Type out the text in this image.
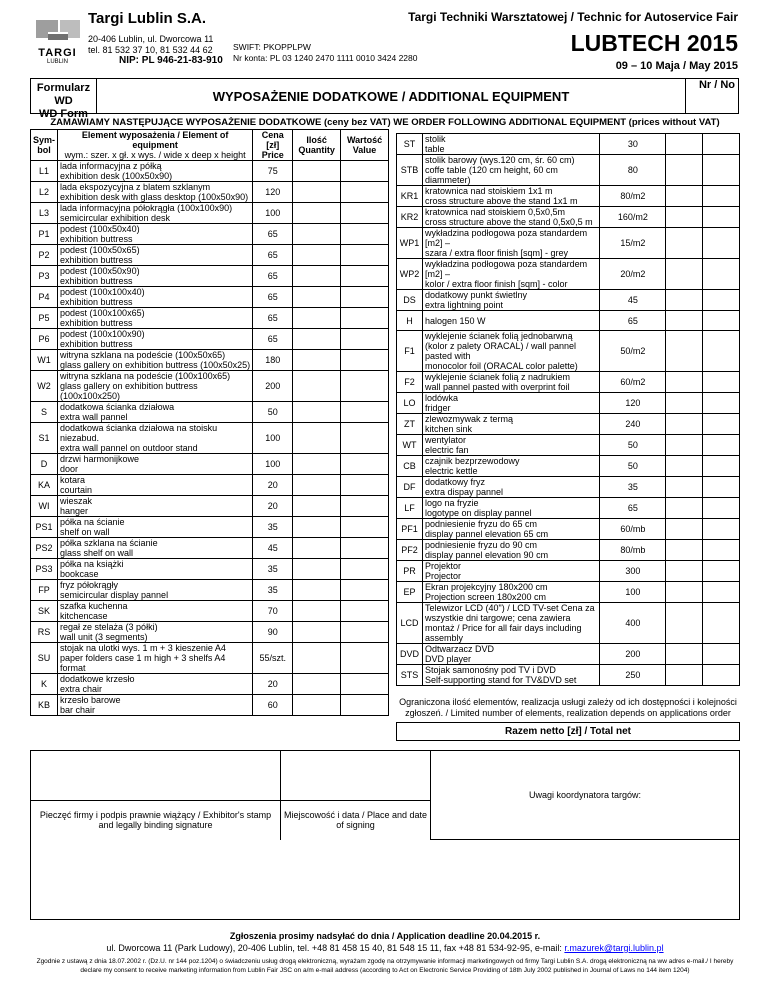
TARGI
LUBLIN
Targi Lublin S.A.
20-406 Lublin, ul. Dworcowa 11
tel. 81 532 37 10, 81 532 44 62
NIP: PL 946-21-83-910
SWIFT: PKOPPLPW
Nr konta: PL 03 1240 2470 1111 0010 3424 2280
Targi Techniki Warsztatowej / Technic for Autoservice Fair
LUBTECH 2015
09 – 10 Maja / May 2015
Formularz WD
WD Form
WYPOSAŻENIE DODATKOWE / ADDITIONAL EQUIPMENT
Nr / No
ZAMAWIAMY NASTĘPUJĄCE WYPOSAŻENIE DODATKOWE (ceny bez VAT) WE ORDER FOLLOWING ADDITIONAL EQUIPMENT (prices without VAT)
Sym-bol	Element wyposażenia / Element of equipment
wym.: szer. x gł. x wys. / wide x deep x height	Cena [zł] Price	Ilość Quantity	Wartość Value
L1	lada informacyjna z półką
exhibition desk (100x50x90)	75		
L2	lada ekspozycyjna z blatem szklanym
exhibition desk with glass desktop (100x50x90)	120		
L3	lada informacyjna półokrągła (100x100x90)
semicircular exhibition desk	100		
P1	podest (100x50x40)
exhibition buttress	65		
P2	podest (100x50x65)
exhibition buttress	65		
P3	podest (100x50x90)
exhibition buttress	65		
P4	podest (100x100x40)
exhibition buttress	65		
P5	podest (100x100x65)
exhibition buttress	65		
P6	podest (100x100x90)
exhibition buttress	65		
W1	witryna szklana na podeście (100x50x65)
glass gallery on exhibition buttress (100x50x25)	180		
W2	witryna szklana na podeście (100x100x65)
glass gallery on exhibition buttress (100x100x250)	200		
S	dodatkowa ścianka działowa
extra wall pannel	50		
S1	dodatkowa ścianka działowa na stoisku niezabud.
extra wall pannel on outdoor stand	100		
D	drzwi harmonijkowe
door	100		
KA	kotara
courtain	20		
WI	wieszak
hanger	20		
PS1	półka na ścianie
shelf on wall	35		
PS2	półka szklana na ścianie
glass shelf on wall	45		
PS3	półka na książki
bookcase	35		
FP	fryz półokrągły
semicircular display pannel	35		
SK	szafka kuchenna
kitchencase	70		
RS	regał ze stelaża (3 półki)
wall unit (3 segments)	90		
SU	stojak na ulotki wys. 1 m + 3 kieszenie A4
paper folders case 1 m high + 3 shelfs A4 format	55/szt.		
K	dodatkowe krzesło
extra chair	20		
KB	krzesło barowe
bar chair	60		
ST	stolik
table	30		
STB	stolik barowy (wys.120 cm, śr. 60 cm)
coffe table (120 cm height, 60 cm diammeter)	80		
KR1	kratownica nad stoiskiem 1x1 m
cross structure above the stand 1x1 m	80/m2		
KR2	kratownica nad stoiskiem 0,5x0,5m
cross structure above the stand 0,5x0,5 m	160/m2		
WP1	wykładzina podłogowa poza standardem [m2] –
szara / extra floor finish [sqm] - grey	15/m2		
WP2	wykładzina podłogowa poza standardem [m2] –
kolor / extra floor finish [sqm] - color	20/m2		
DS	dodatkowy punkt świetlny
extra lightning point	45		
H	halogen 150 W	65		
F1	wyklejenie ścianek folią jednobarwną (kolor z palety ORACAL) / wall pannel pasted with
monocolor foil (ORACAL color palette)	50/m2		
F2	wyklejenie ścianek folią z nadrukiem
wall pannel pasted with overprint foil	60/m2		
LO	lodówka
fridger	120		
ZT	zlewozmywak z termą
kitchen sink	240		
WT	wentylator
electric fan	50		
CB	czajnik bezprzewodowy
electric kettle	50		
DF	dodatkowy fryz
extra dispay pannel	35		
LF	logo na fryzie
logotype on display pannel	65		
PF1	podniesienie fryzu do 65 cm
display pannel elevation 65 cm	60/mb		
PF2	podniesienie fryzu do 90 cm
display pannel elevation 90 cm	80/mb		
PR	Projektor
Projector	300		
EP	Ekran projekcyjny 180x200 cm
Projection screen 180x200 cm	100		
LCD	Telewizor LCD (40") / LCD TV-set Cena za wszystkie dni targowe; cena zawiera
montaż / Price for all fair days including assembly	400		
DVD	Odtwarzacz DVD
DVD player	200		
STS	Stojak samonośny pod TV i DVD
Self-supporting stand for TV&DVD set	250		
Ograniczona ilość elementów, realizacja usługi zależy od ich dostępności i kolejności zgłoszeń. / Limited number of elements, realization depends on applications order
Razem netto [zł] / Total net
		Uwagi koordynatora targów:
Pieczęć firmy i podpis prawnie wiążący / Exhibitor's stamp and legally binding signature	Miejscowość i data / Place and date of signing	
Zgłoszenia prosimy nadsyłać do dnia / Application deadline 20.04.2015 r.
ul. Dworcowa 11 (Park Ludowy), 20-406 Lublin, tel. +48 81 458 15 40, 81 548 15 11, fax +48 81 534-92-95, e-mail: r.mazurek@targi.lublin.pl
Zgodnie z ustawą z dnia 18.07.2002 r. (Dz.U. nr 144 poz.1204) o świadczeniu usług drogą elektroniczną, wyrażam zgodę na otrzymywanie informacji marketingowych od firmy Targi Lublin S.A. drogą elektroniczną na ww adres e-mail./ I hereby declare my consent to receive marketing information from Lublin Fair JSC on a/m e-mail address (according to Act on Electronic Service Providing of 18th July 2002 published in Journal of Laws no 144 item 1204)
